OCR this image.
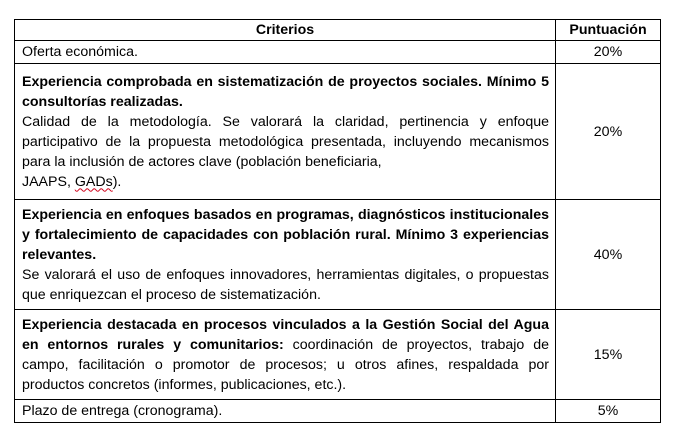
Criterios	Puntuación
Oferta económica.	20%
Experiencia comprobada en sistematización de proyectos sociales. Mínimo 5 consultorías realizadas.
Calidad de la metodología. Se valorará la claridad, pertinencia y enfoque participativo de la propuesta metodológica presentada, incluyendo mecanismos para la inclusión de actores clave (población beneficiaria,
JAAPS, GADs).	20%

Experiencia en enfoques basados en programas, diagnósticos institucionales y fortalecimiento de capacidades con población rural. Mínimo 3 experiencias relevantes.
Se valorará el uso de enfoques innovadores, herramientas digitales, o propuestas que enriquezcan el proceso de sistematización.	40%
Experiencia destacada en procesos vinculados a la Gestión Social del Agua en entornos rurales y comunitarios: coordinación de proyectos, trabajo de campo, facilitación o promotor de procesos; u otros afines, respaldada por productos concretos (informes, publicaciones, etc.).	15%
Plazo de entrega (cronograma).	5%
